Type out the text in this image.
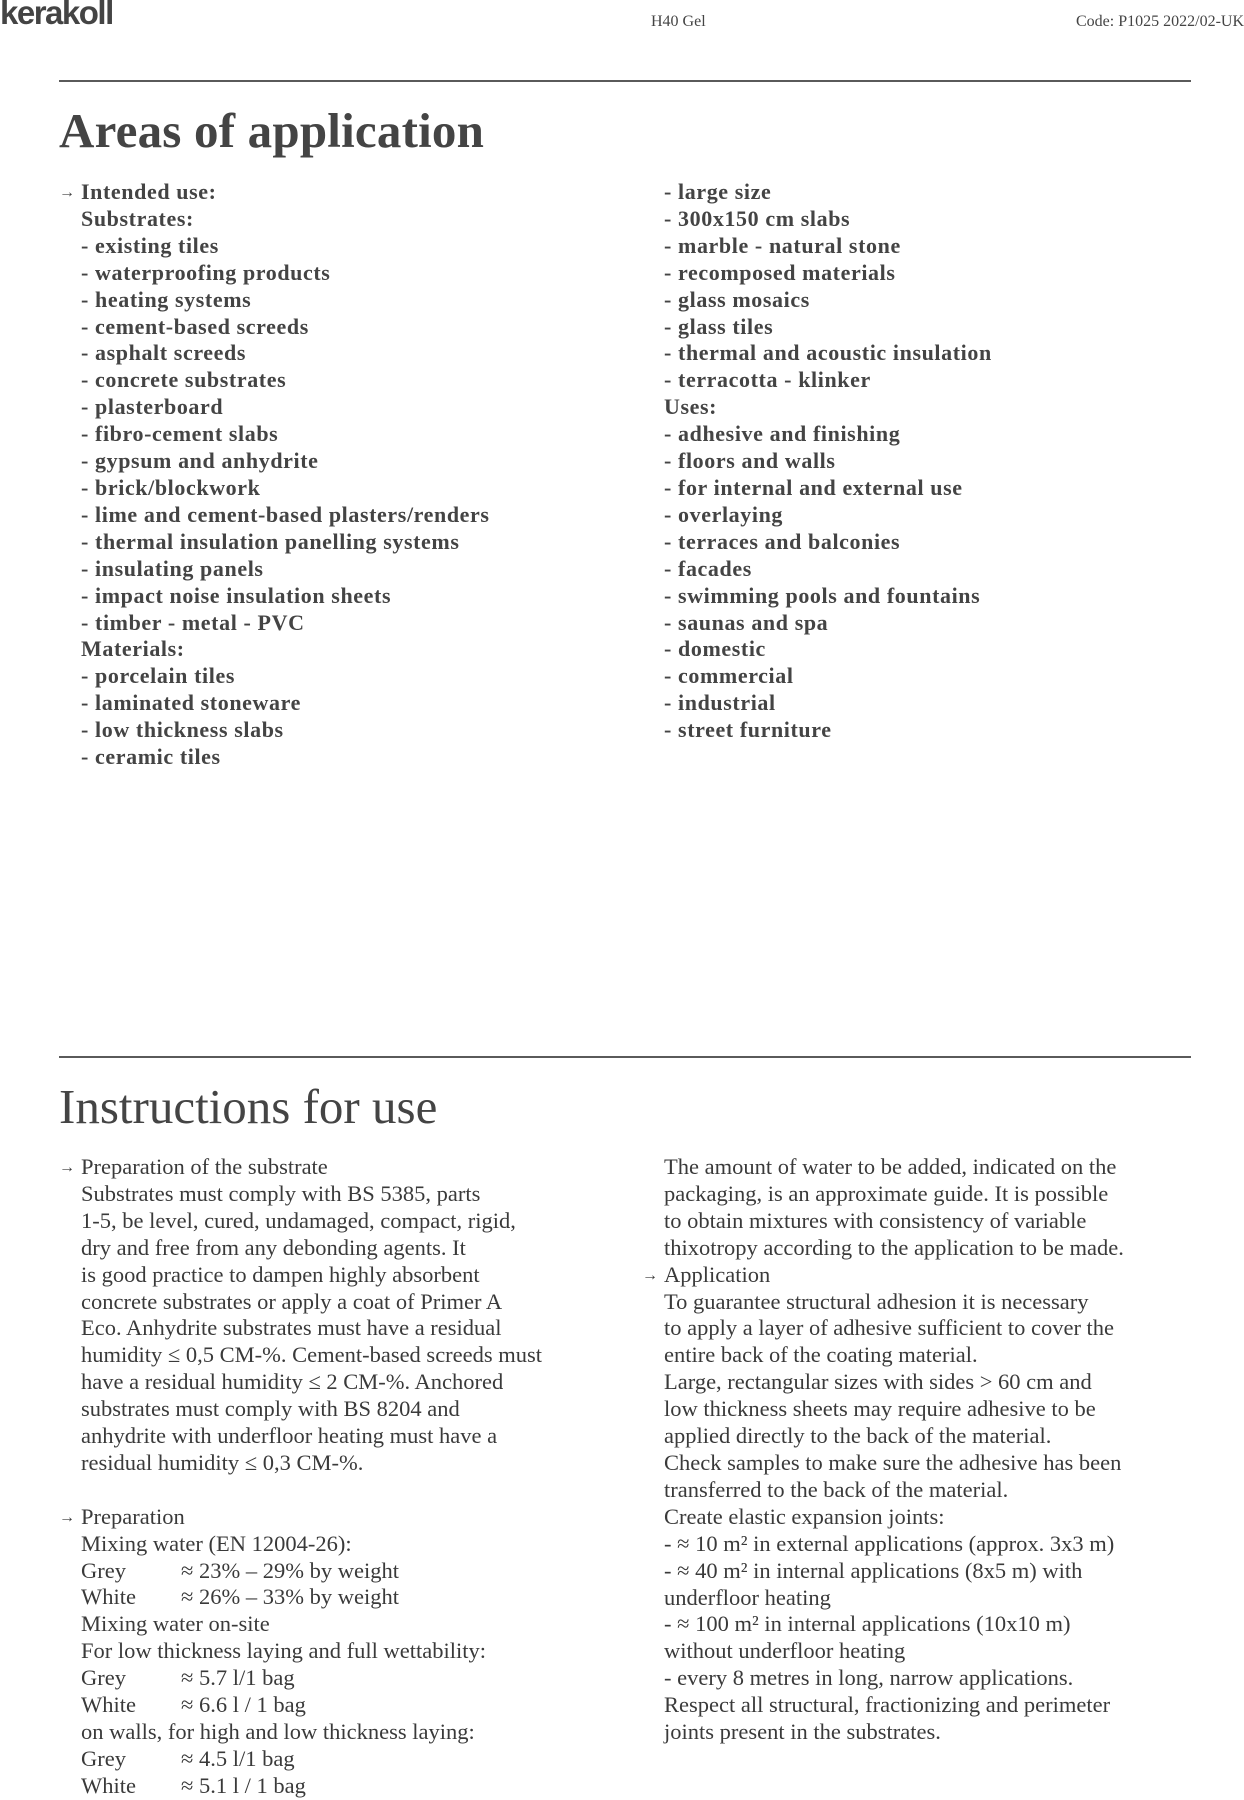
kerakoll	H40 Gel	Code: P1025 2022/02-UK
Areas of application
→ Intended use:
Substrates:
- existing tiles
- waterproofing products
- heating systems
- cement-based screeds
- asphalt screeds
- concrete substrates
- plasterboard
- fibro-cement slabs
- gypsum and anhydrite
- brick/blockwork
- lime and cement-based plasters/renders
- thermal insulation panelling systems
- insulating panels
- impact noise insulation sheets
- timber - metal - PVC
Materials:
- porcelain tiles
- laminated stoneware
- low thickness slabs
- ceramic tiles
- large size
- 300x150 cm slabs
- marble - natural stone
- recomposed materials
- glass mosaics
- glass tiles
- thermal and acoustic insulation
- terracotta - klinker
Uses:
- adhesive and finishing
- floors and walls
- for internal and external use
- overlaying
- terraces and balconies
- facades
- swimming pools and fountains
- saunas and spa
- domestic
- commercial
- industrial
- street furniture
Instructions for use
→ Preparation of the substrate
Substrates must comply with BS 5385, parts
1-5, be level, cured, undamaged, compact, rigid,
dry and free from any debonding agents. It
is good practice to dampen highly absorbent
concrete substrates or apply a coat of Primer A
Eco. Anhydrite substrates must have a residual
humidity ≤ 0,5 CM-%. Cement-based screeds must
have a residual humidity ≤ 2 CM-%. Anchored
substrates must comply with BS 8204 and
anhydrite with underfloor heating must have a
residual humidity ≤ 0,3 CM-%.
→ Preparation
Mixing water (EN 12004-26):
Grey	≈ 23% – 29% by weight
White	≈ 26% – 33% by weight
Mixing water on-site
For low thickness laying and full wettability:
Grey	≈ 5.7 l/1 bag
White	≈ 6.6 l / 1 bag
on walls, for high and low thickness laying:
Grey	≈ 4.5 l/1 bag
White	≈ 5.1 l / 1 bag
The amount of water to be added, indicated on the
packaging, is an approximate guide. It is possible
to obtain mixtures with consistency of variable
thixotropy according to the application to be made.
→ Application
To guarantee structural adhesion it is necessary
to apply a layer of adhesive sufficient to cover the
entire back of the coating material.
Large, rectangular sizes with sides > 60 cm and
low thickness sheets may require adhesive to be
applied directly to the back of the material.
Check samples to make sure the adhesive has been
transferred to the back of the material.
Create elastic expansion joints:
- ≈ 10 m² in external applications (approx. 3x3 m)
- ≈ 40 m² in internal applications (8x5 m) with
underfloor heating
- ≈ 100 m² in internal applications (10x10 m)
without underfloor heating
- every 8 metres in long, narrow applications.
Respect all structural, fractionizing and perimeter
joints present in the substrates.
